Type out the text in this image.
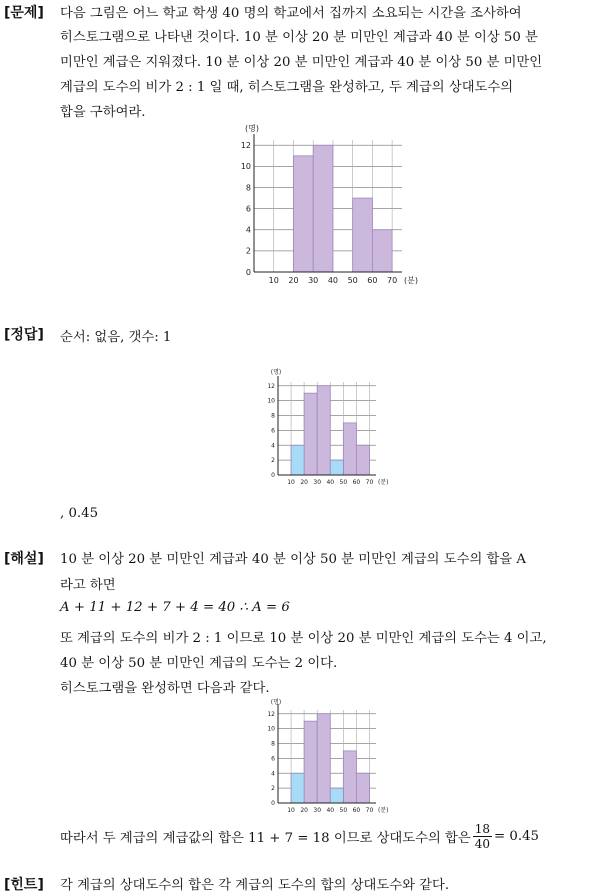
[문제] 다음 그림은 어느 학교 학생 40 명의 학교에서 집까지 소요되는 시간을 조사하여
히스토그램으로 나타낸 것이다. 10 분 이상 20 분 미만인 계급과 40 분 이상 50 분
미만인 계급은 지워졌다. 10 분 이상 20 분 미만인 계급과 40 분 이상 50 분 미만인
계급의 도수의 비가 2 : 1 일 때, 히스토그램을 완성하고, 두 계급의 상대도수의
합을 구하여라.
0
2
4
6
8
10
12
10 20 30 40 50 60 70
(명)
(분)
[정답] 순서: 없음, 갯수: 1
0
2
4
6
8
10
12
10 20 30 40 50 60 70
(명)
(분)
, 0.45
[해설] 10 분 이상 20 분 미만인 계급과 40 분 이상 50 분 미만인 계급의 도수의 합을 A
라고 하면
A + 11 + 12 + 7 + 4 = 40 ∴ A = 6
또 계급의 도수의 비가 2 : 1 이므로 10 분 이상 20 분 미만인 계급의 도수는 4 이고,
40 분 이상 50 분 미만인 계급의 도수는 2 이다.
히스토그램을 완성하면 다음과 같다.
0
2
4
6
8
10
12
10 20 30 40 50 60 70
(명)
(분)
따라서 두 계급의 계급값의 합은 11 + 7 = 18 이므로 상대도수의 합은 $\frac{18}{40} = 0.45$
[힌트] 각 계급의 상대도수의 합은 각 계급의 도수의 합의 상대도수와 같다.
